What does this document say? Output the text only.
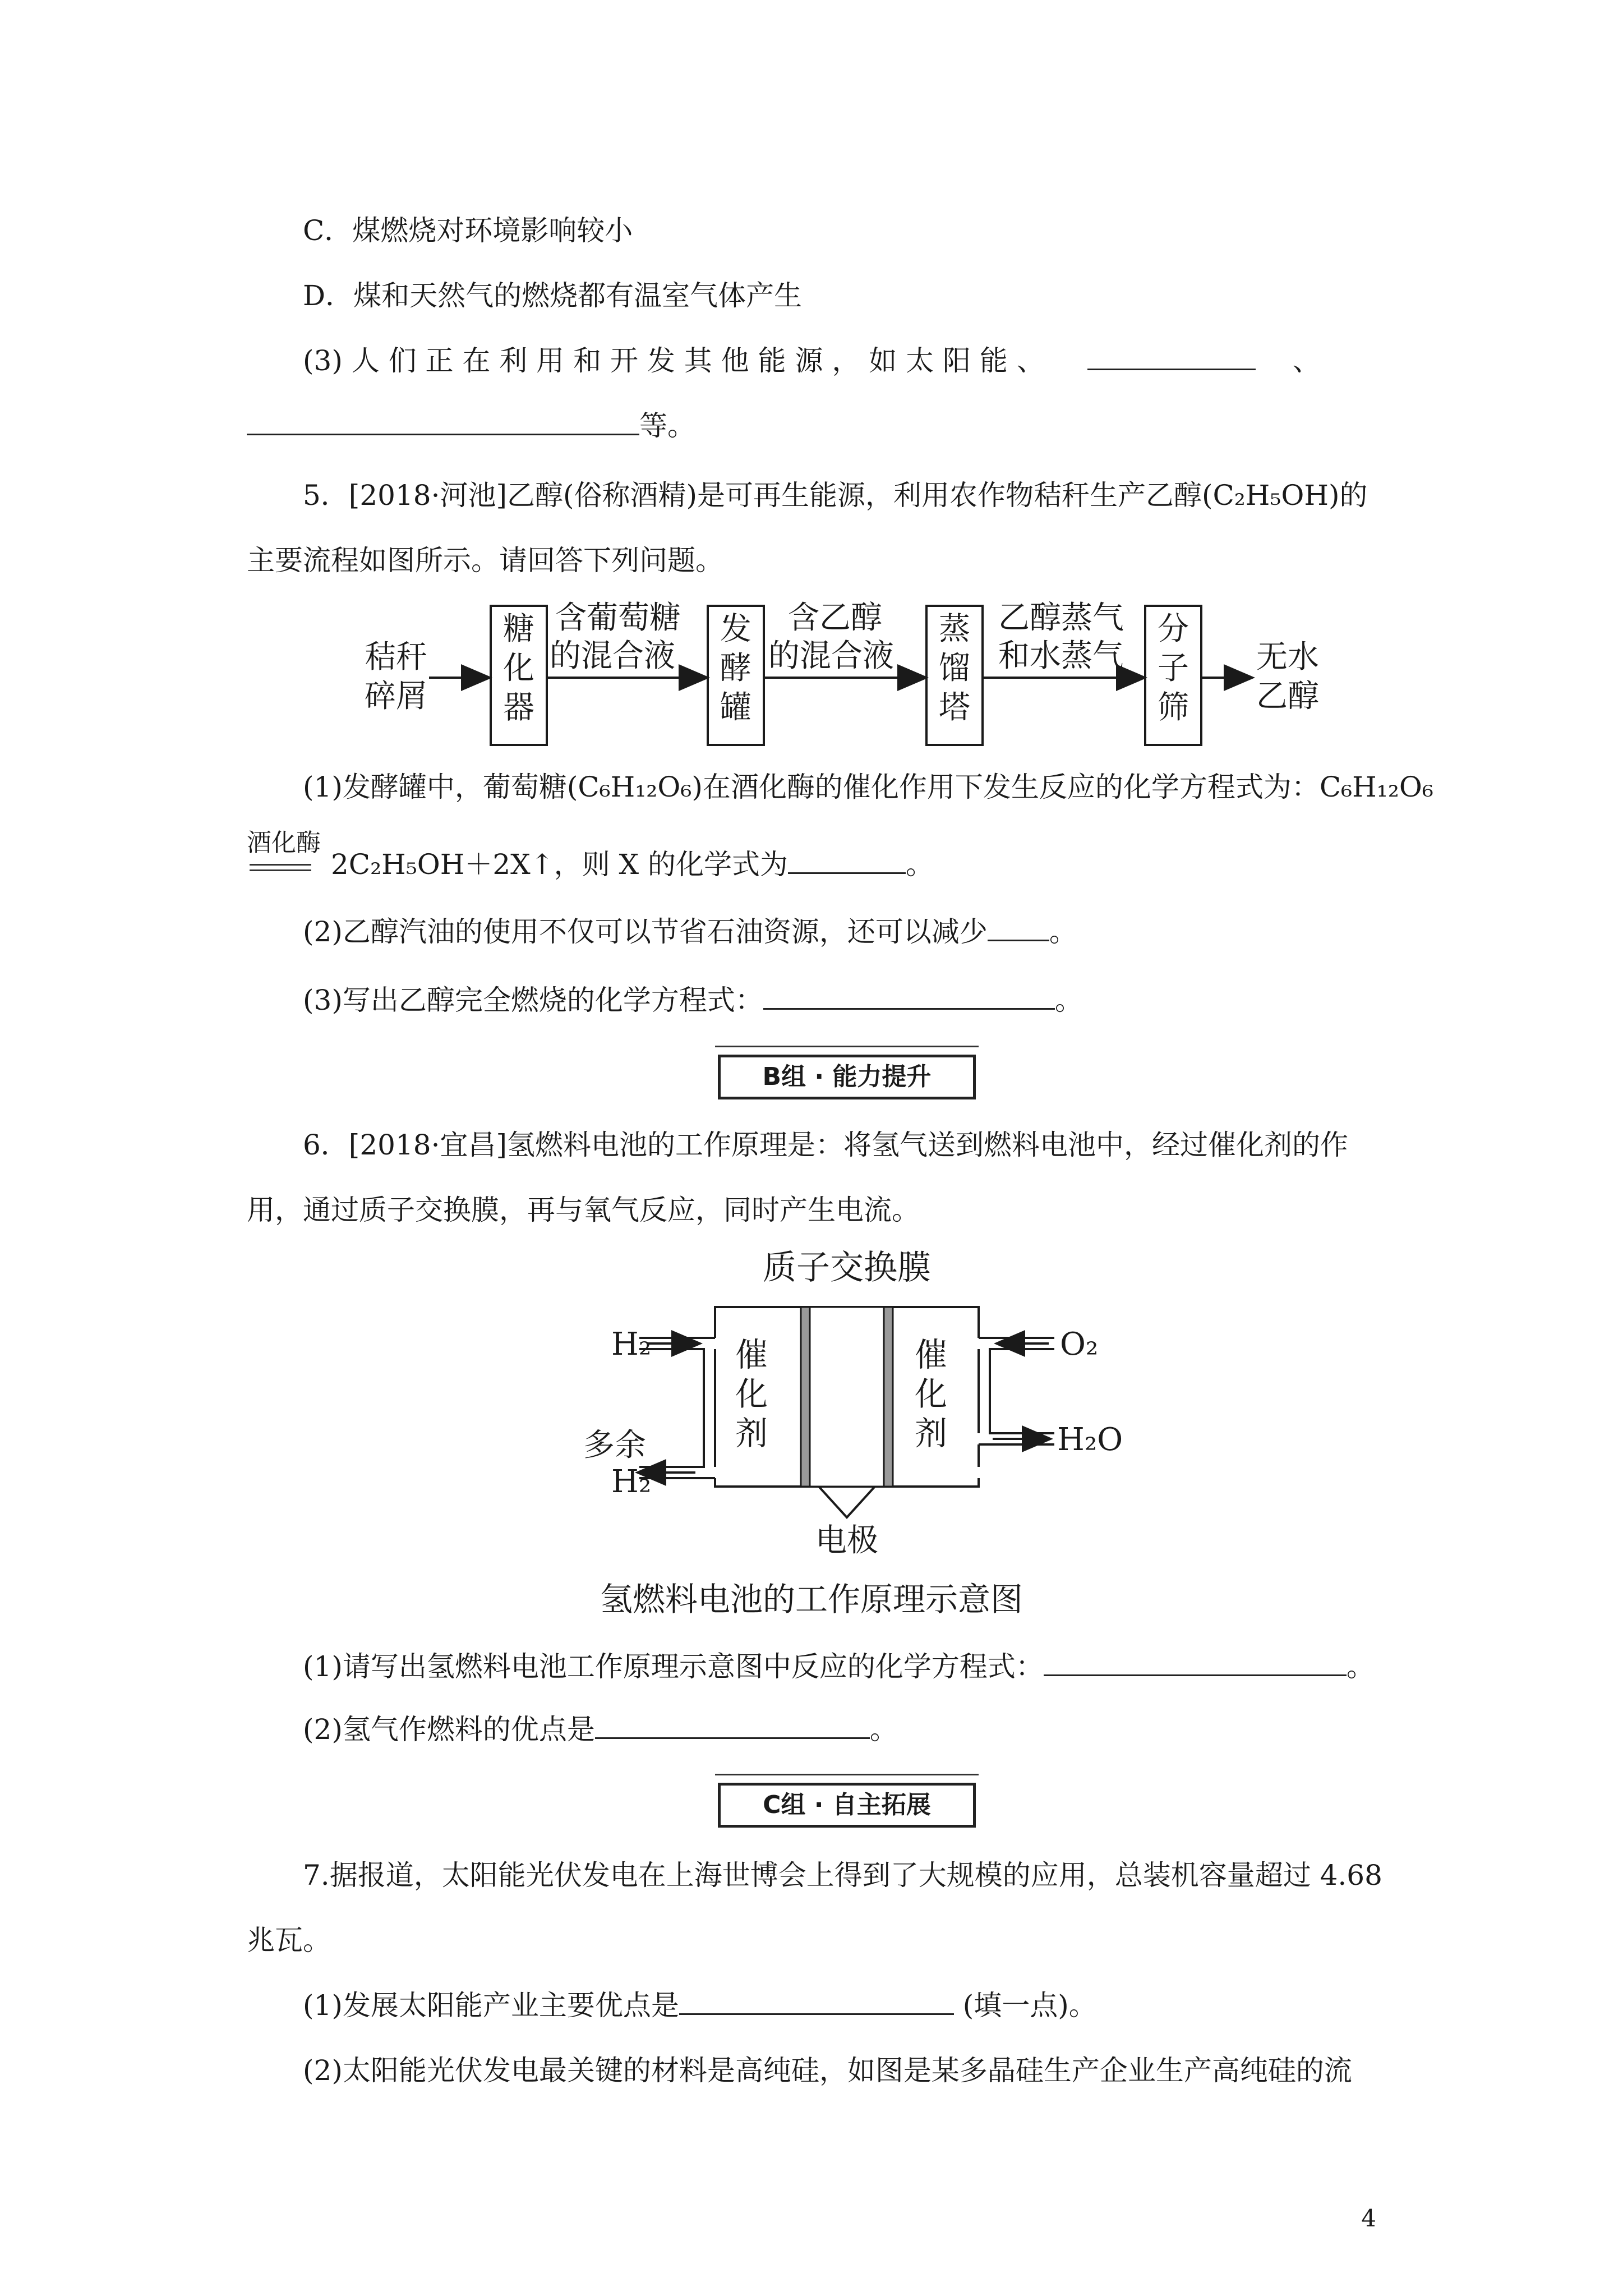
C．煤燃烧对环境影响较小
D．煤和天然气的燃烧都有温室气体产生
(3) 人 们 正 在 利 用 和 开 发 其 他 能 源 ， 如 太 阳 能 、	、
等。
5．[2018·河池]乙醇(俗称酒精)是可再生能源，利用农作物秸秆生产乙醇(C₂H₅OH)的
主要流程如图所示。请回答下列问题。
秸秆
碎屑
糖
化
器
含葡萄糖
的混合液
发
酵
罐
含乙醇
的混合液
蒸
馏
塔
乙醇蒸气
和水蒸气
分
子
筛
无水
乙醇
(1)发酵罐中，葡萄糖(C₆H₁₂O₆)在酒化酶的催化作用下发生反应的化学方程式为：C₆H₁₂O₆
酒化酶
2C₂H₅OH＋2X↑，则 X 的化学式为	。
(2)乙醇汽油的使用不仅可以节省石油资源，还可以减少 。
(3)写出乙醇完全燃烧的化学方程式：	。
B组 · 能力提升
6．[2018·宜昌]氢燃料电池的工作原理是：将氢气送到燃料电池中，经过催化剂的作
用，通过质子交换膜，再与氧气反应，同时产生电流。
质子交换膜
H₂	O₂
多余
H₂
H₂O
催
化
剂
催
化
剂
电极
氢燃料电池的工作原理示意图
(1)请写出氢燃料电池工作原理示意图中反应的化学方程式：	。
(2)氢气作燃料的优点是	。
C组 · 自主拓展
7.据报道，太阳能光伏发电在上海世博会上得到了大规模的应用，总装机容量超过 4.68
兆瓦。
(1)发展太阳能产业主要优点是	(填一点)。
(2)太阳能光伏发电最关键的材料是高纯硅，如图是某多晶硅生产企业生产高纯硅的流
4
